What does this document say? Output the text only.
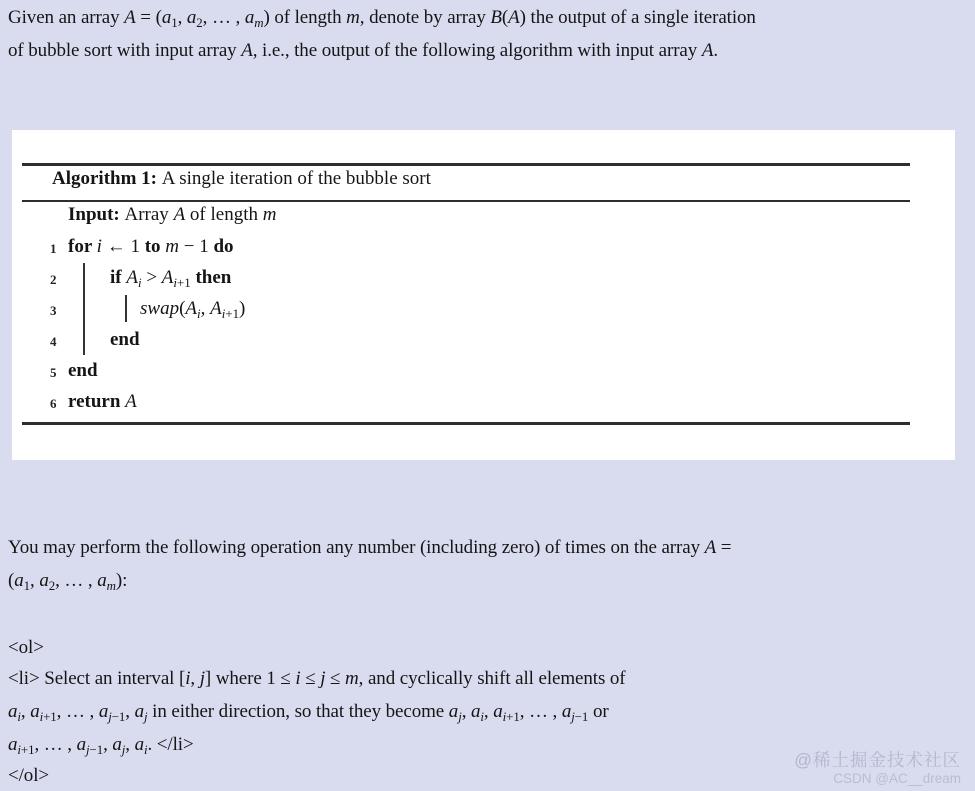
Given an array $A = (a_1$, $a_2$, … , $a_m$) of length m, denote by array B(A) the output of a single iteration
of bubble sort with input array A, i.e., the output of the following algorithm with input array A.

Algorithm 1: A single iteration of the bubble sort
Input: Array A of length m
1 for i ← 1 to m − 1 do
2	if $A_i > A_{i+1}$ then
3	$swap(A_i$, $A_{i+1}$)
4	end
5 end
6 return A

You may perform the following operation any number (including zero) of times on the array A =
($a_1$, $a_2$, … , $a_m$):

<ol>

<li> Select an interval [i, j] where 1 ≤ i ≤ j ≤ m, and cyclically shift all elements of
$a_i$, $a_{i+1}$, … , $a_{j-1}$, $a_j$ in either direction, so that they become $a_j$, $a_i$, $a_{i+1}$, … , $a_{j-1}$ or
$a_{i+1}$, … , $a_{j-1}$, $a_j$, $a_i$. </li>

</ol>

@稀土掘金技术社区
CSDN @AC__dream
